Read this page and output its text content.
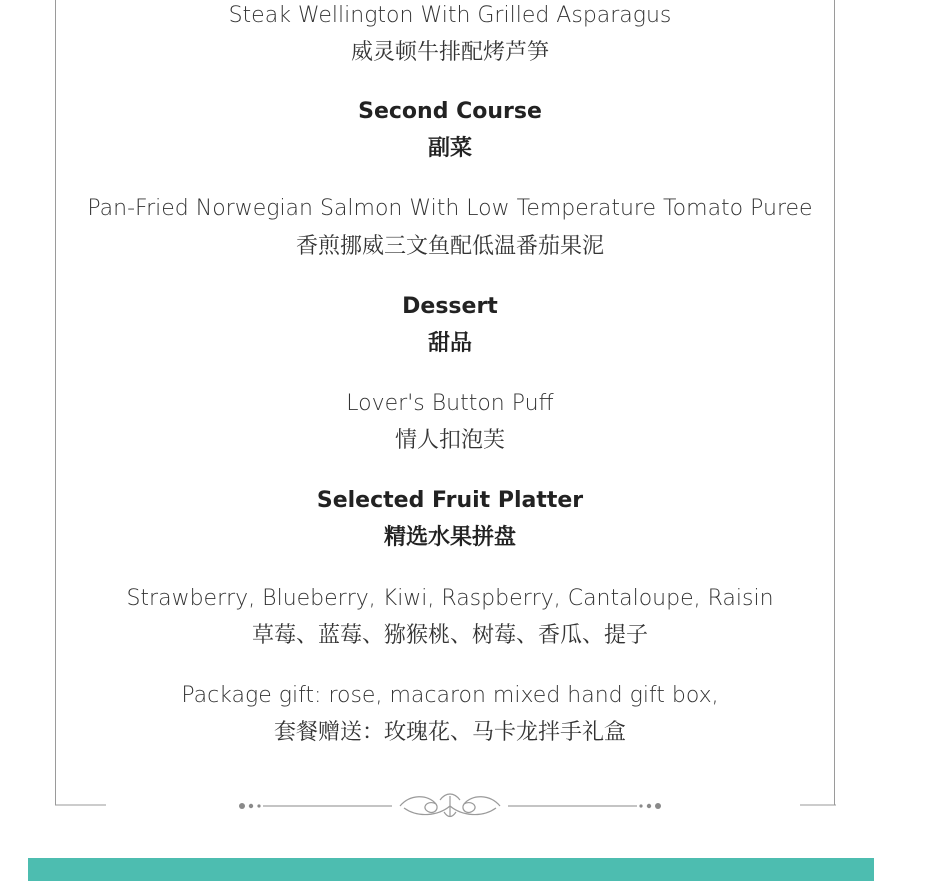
Steak Wellington With Grilled Asparagus
威灵顿牛排配烤芦笋
Second Course
副菜
Pan-Fried Norwegian Salmon With Low Temperature Tomato Puree
香煎挪威三文鱼配低温番茄果泥
Dessert
甜品
Lover's Button Puff
情人扣泡芙
Selected Fruit Platter
精选水果拼盘
Strawberry, Blueberry, Kiwi, Raspberry, Cantaloupe, Raisin
草莓、蓝莓、猕猴桃、树莓、香瓜、提子
Package gift: rose, macaron mixed hand gift box,
套餐赠送：玫瑰花、马卡龙拌手礼盒
